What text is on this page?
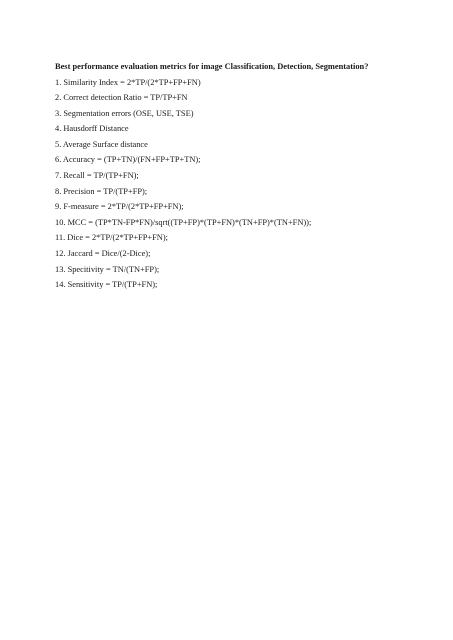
Best performance evaluation metrics for image Classification, Detection, Segmentation?
1. Similarity Index = 2*TP/(2*TP+FP+FN)
2. Correct detection Ratio = TP/TP+FN
3. Segmentation errors (OSE, USE, TSE)
4. Hausdorff Distance
5. Average Surface distance
6. Accuracy = (TP+TN)/(FN+FP+TP+TN);
7. Recall = TP/(TP+FN);
8. Precision = TP/(TP+FP);
9. F-measure = 2*TP/(2*TP+FP+FN);
10. MCC = (TP*TN-FP*FN)/sqrt((TP+FP)*(TP+FN)*(TN+FP)*(TN+FN));
11. Dice = 2*TP/(2*TP+FP+FN);
12. Jaccard = Dice/(2-Dice);
13. Specitivity = TN/(TN+FP);
14. Sensitivity = TP/(TP+FN);
